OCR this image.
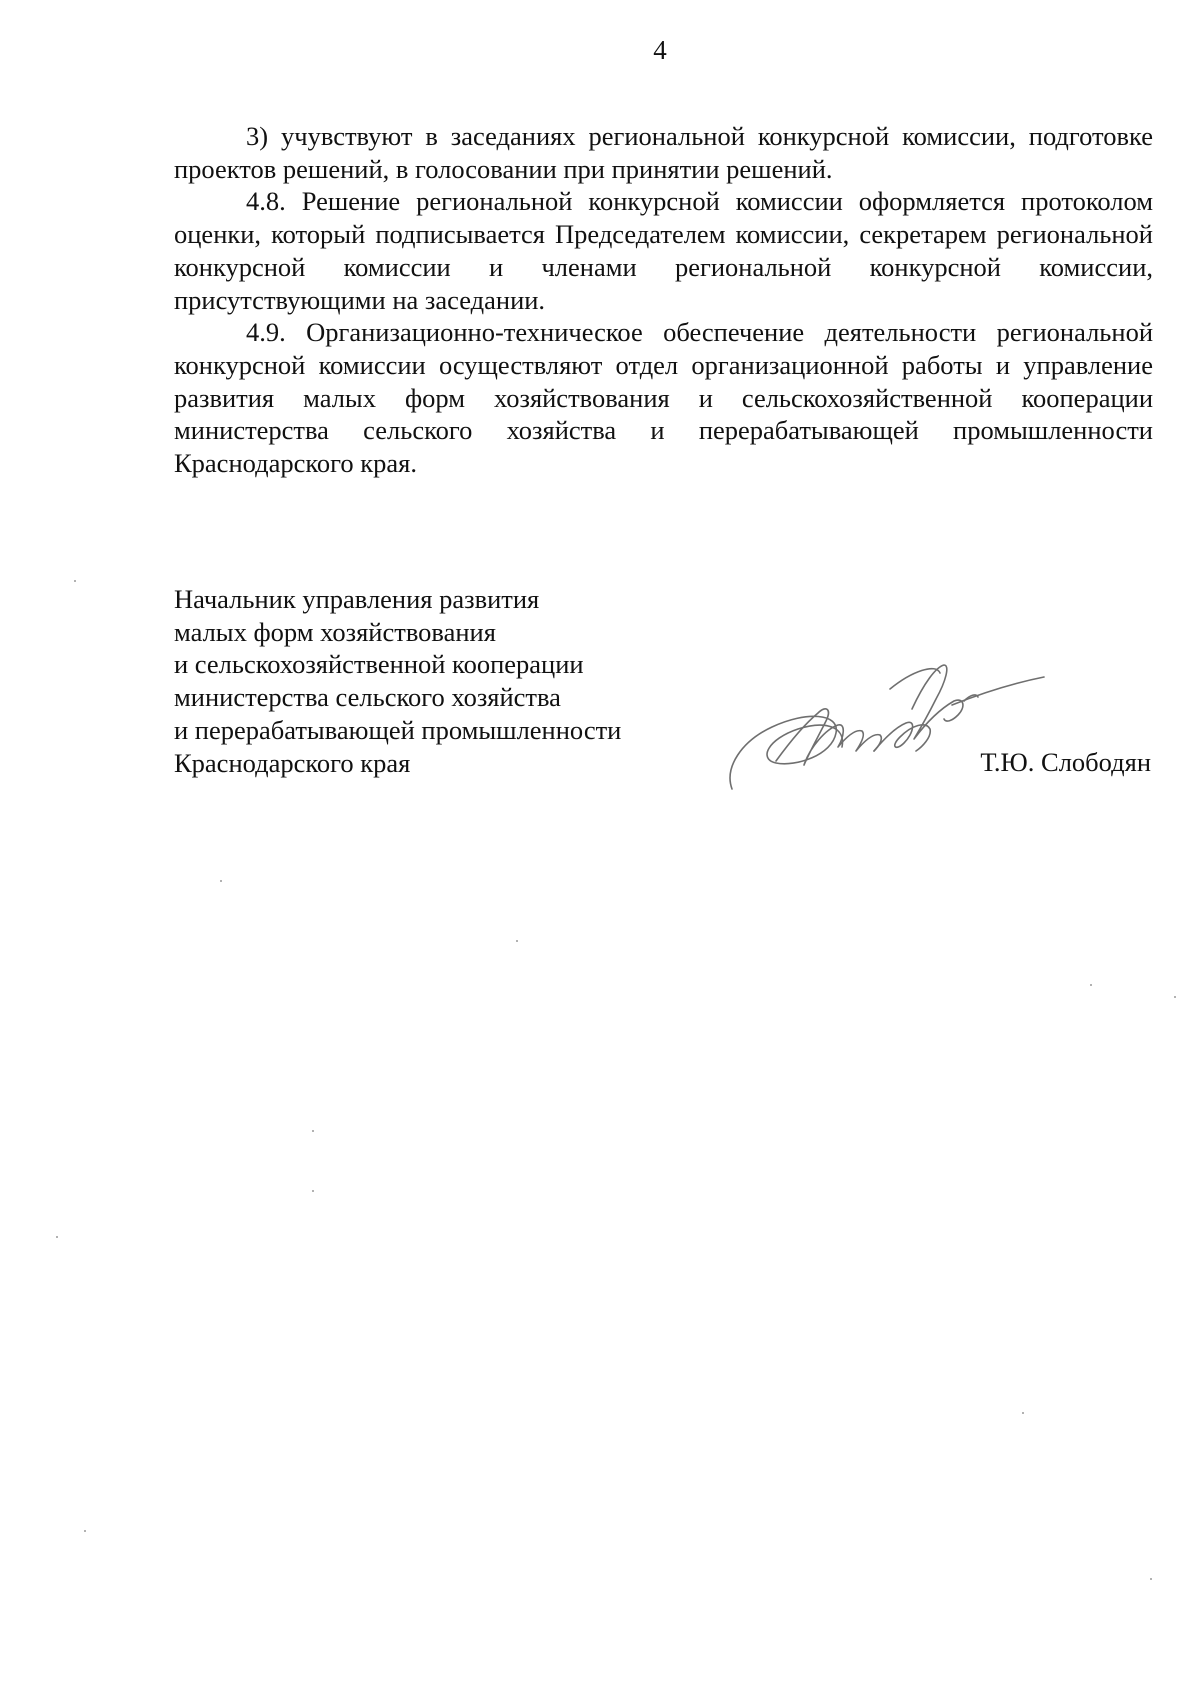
4

3) учувствуют в заседаниях региональной конкурсной комиссии, подготовке проектов решений, в голосовании при принятии решений.

4.8. Решение региональной конкурсной комиссии оформляется протоколом оценки, который подписывается Председателем комиссии, секретарем региональной конкурсной комиссии и членами региональной конкурсной комиссии, присутствующими на заседании.

4.9. Организационно-техническое обеспечение деятельности региональной конкурсной комиссии осуществляют отдел организационной работы и управление развития малых форм хозяйствования и сельскохозяйственной кооперации министерства сельского хозяйства и перерабатывающей промышленности Краснодарского края.

Начальник управления развития
малых форм хозяйствования
и сельскохозяйственной кооперации
министерства сельского хозяйства
и перерабатывающей промышленности
Краснодарского края	Т.Ю. Слободян
